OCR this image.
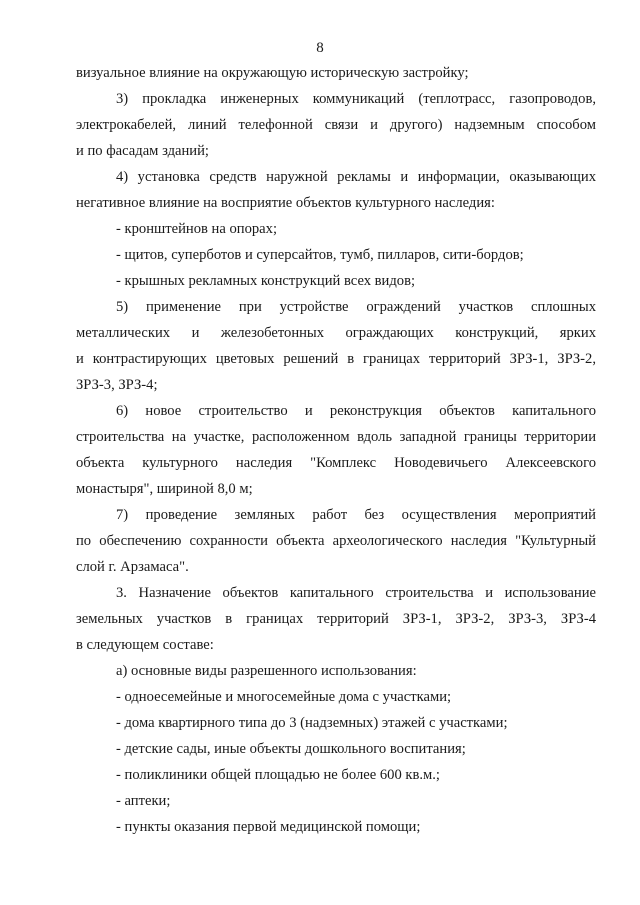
8
визуальное влияние на окружающую историческую застройку;
3) прокладка инженерных коммуникаций (теплотрасс, газопроводов,
электрокабелей, линий телефонной связи и другого) надземным способом
и по фасадам зданий;
4) установка средств наружной рекламы и информации, оказывающих
негативное влияние на восприятие объектов культурного наследия:
- кронштейнов на опорах;
- щитов, суперботов и суперсайтов, тумб, пилларов, сити-бордов;
- крышных рекламных конструкций всех видов;
5) применение при устройстве ограждений участков сплошных
металлических и железобетонных ограждающих конструкций, ярких
и контрастирующих цветовых решений в границах территорий ЗРЗ-1, ЗРЗ-2,
ЗРЗ-3, ЗРЗ-4;
6) новое строительство и реконструкция объектов капитального
строительства на участке, расположенном вдоль западной границы территории
объекта культурного наследия "Комплекс Новодевичьего Алексеевского
монастыря", шириной 8,0 м;
7) проведение земляных работ без осуществления мероприятий
по обеспечению сохранности объекта археологического наследия "Культурный
слой г. Арзамаса".
3. Назначение объектов капитального строительства и использование
земельных участков в границах территорий ЗРЗ-1, ЗРЗ-2, ЗРЗ-3, ЗРЗ-4
в следующем составе:
а) основные виды разрешенного использования:
- одноесемейные и многосемейные дома с участками;
- дома квартирного типа до 3 (надземных) этажей с участками;
- детские сады, иные объекты дошкольного воспитания;
- поликлиники общей площадью не более 600 кв.м.;
- аптеки;
- пункты оказания первой медицинской помощи;
